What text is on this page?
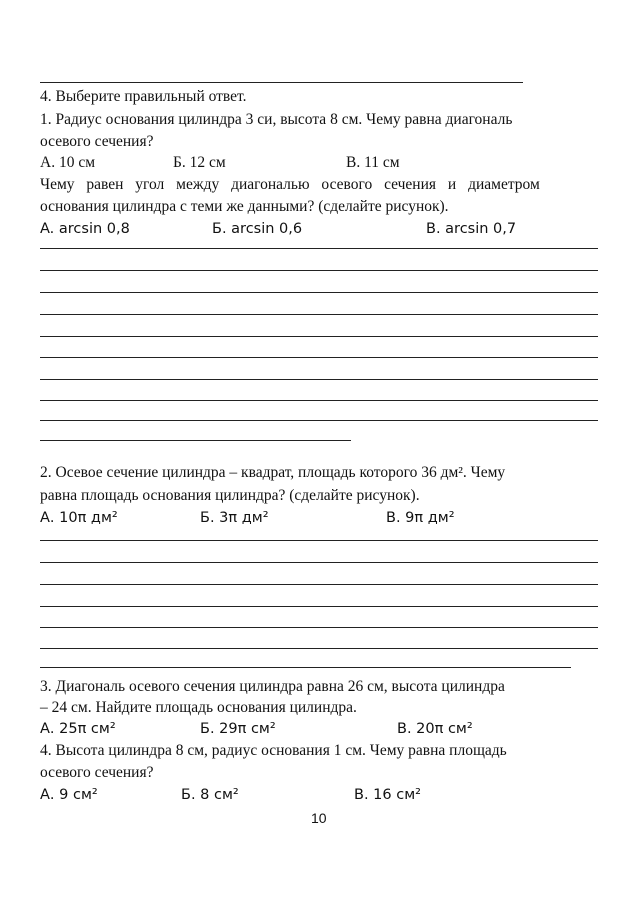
4. Выберите правильный ответ.
1. Радиус основания цилиндра 3 си, высота 8 см. Чему равна диагональ
осевого сечения?
А. 10 см	Б. 12 см	В. 11 см
Чему равен угол между диагональю осевого сечения и диаметром
основания цилиндра с теми же данными? (сделайте рисунок).
A. arcsin 0,8	Б. arcsin 0,6	В. arcsin 0,7
2. Осевое сечение цилиндра – квадрат, площадь которого 36 дм². Чему
равна площадь основания цилиндра? (сделайте рисунок).
А. 10π дм²	Б. 3π дм²	В. 9π дм²
3. Диагональ осевого сечения цилиндра равна 26 см, высота цилиндра
– 24 см. Найдите площадь основания цилиндра.
А. 25π см²	Б. 29π см²	В. 20π см²
4. Высота цилиндра 8 см, радиус основания 1 см. Чему равна площадь
осевого сечения?
А. 9 см²	Б. 8 см²	В. 16 см²
10
